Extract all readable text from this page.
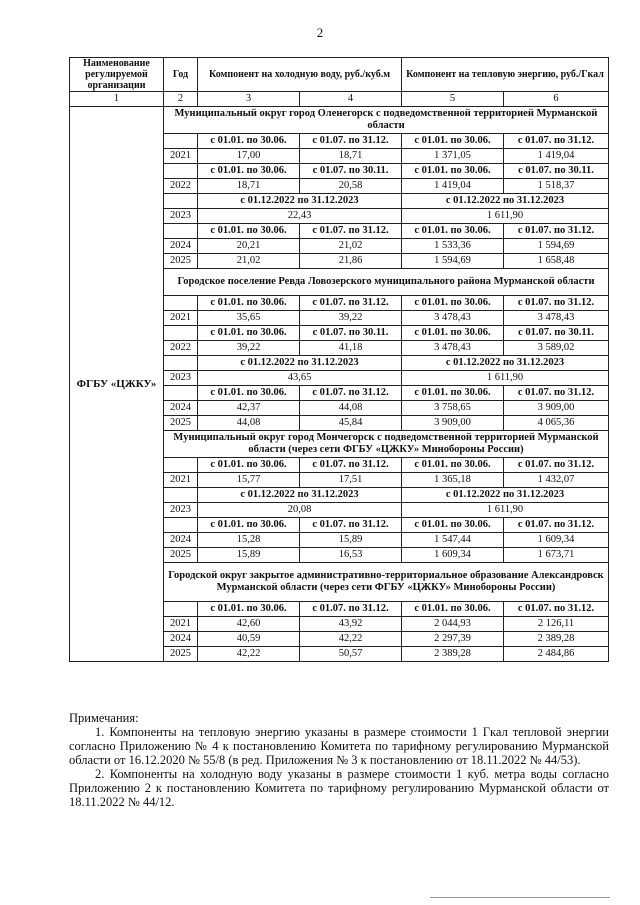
2
Наименование регулируемой организации	Год	Компонент на холодную воду, руб./куб.м		Компонент на тепловую энергию, руб./Гкал	
1	2	3	4	5	6
ФГБУ «ЦЖКУ»	Муниципальный округ город Оленегорск с подведомственной территорией Мурманской области				
		с 01.01. по 30.06.	с 01.07. по 31.12.	с 01.01. по 30.06.	с 01.07. по 31.12.
	2021	17,00	18,71	1 371,05	1 419,04
		с 01.01. по 30.06.	с 01.07. по 30.11.	с 01.01. по 30.06.	с 01.07. по 30.11.
	2022	18,71	20,58	1 419,04	1 518,37
		с 01.12.2022 по 31.12.2023		с 01.12.2022 по 31.12.2023	
	2023	22,43		1 611,90	
		с 01.01. по 30.06.	с 01.07. по 31.12.	с 01.01. по 30.06.	с 01.07. по 31.12.
	2024	20,21	21,02	1 533,36	1 594,69
	2025	21,02	21,86	1 594,69	1 658,48
	Городское поселение Ревда Ловозерского муниципального района Мурманской области				
		с 01.01. по 30.06.	с 01.07. по 31.12.	с 01.01. по 30.06.	с 01.07. по 31.12.
	2021	35,65	39,22	3 478,43	3 478,43
		с 01.01. по 30.06.	с 01.07. по 30.11.	с 01.01. по 30.06.	с 01.07. по 30.11.
	2022	39,22	41,18	3 478,43	3 589,02
		с 01.12.2022 по 31.12.2023		с 01.12.2022 по 31.12.2023	
	2023	43,65		1 611,90	
		с 01.01. по 30.06.	с 01.07. по 31.12.	с 01.01. по 30.06.	с 01.07. по 31.12.
	2024	42,37	44,08	3 758,65	3 909,00
	2025	44,08	45,84	3 909,00	4 065,36
	Муниципальный округ город Мончегорск с подведомственной территорией Мурманской области (через сети ФГБУ «ЦЖКУ» Минобороны России)				
		с 01.01. по 30.06.	с 01.07. по 31.12.	с 01.01. по 30.06.	с 01.07. по 31.12.
	2021	15,77	17,51	1 365,18	1 432,07
		с 01.12.2022 по 31.12.2023		с 01.12.2022 по 31.12.2023	
	2023	20,08		1 611,90	
		с 01.01. по 30.06.	с 01.07. по 31.12.	с 01.01. по 30.06.	с 01.07. по 31.12.
	2024	15,28	15,89	1 547,44	1 609,34
	2025	15,89	16,53	1 609,34	1 673,71
	Городской округ закрытое административно-территориальное образование Александровск Мурманской области (через сети ФГБУ «ЦЖКУ» Минобороны России)				
		с 01.01. по 30.06.	с 01.07. по 31.12.	с 01.01. по 30.06.	с 01.07. по 31.12.
	2021	42,60	43,92	2 044,93	2 126,11
	2024	40,59	42,22	2 297,39	2 389,28
	2025	42,22	50,57	2 389,28	2 484,86

Примечания:

1. Компоненты на тепловую энергию указаны в размере стоимости 1 Гкал тепловой энергии согласно Приложению № 4 к постановлению Комитета по тарифному регулированию Мурманской области от 16.12.2020 № 55/8 (в ред. Приложения № 3 к постановлению от 18.11.2022 № 44/53).

2. Компоненты на холодную воду указаны в размере стоимости 1 куб. метра воды согласно Приложению 2 к постановлению Комитета по тарифному регулированию Мурманской области от 18.11.2022 № 44/12.
